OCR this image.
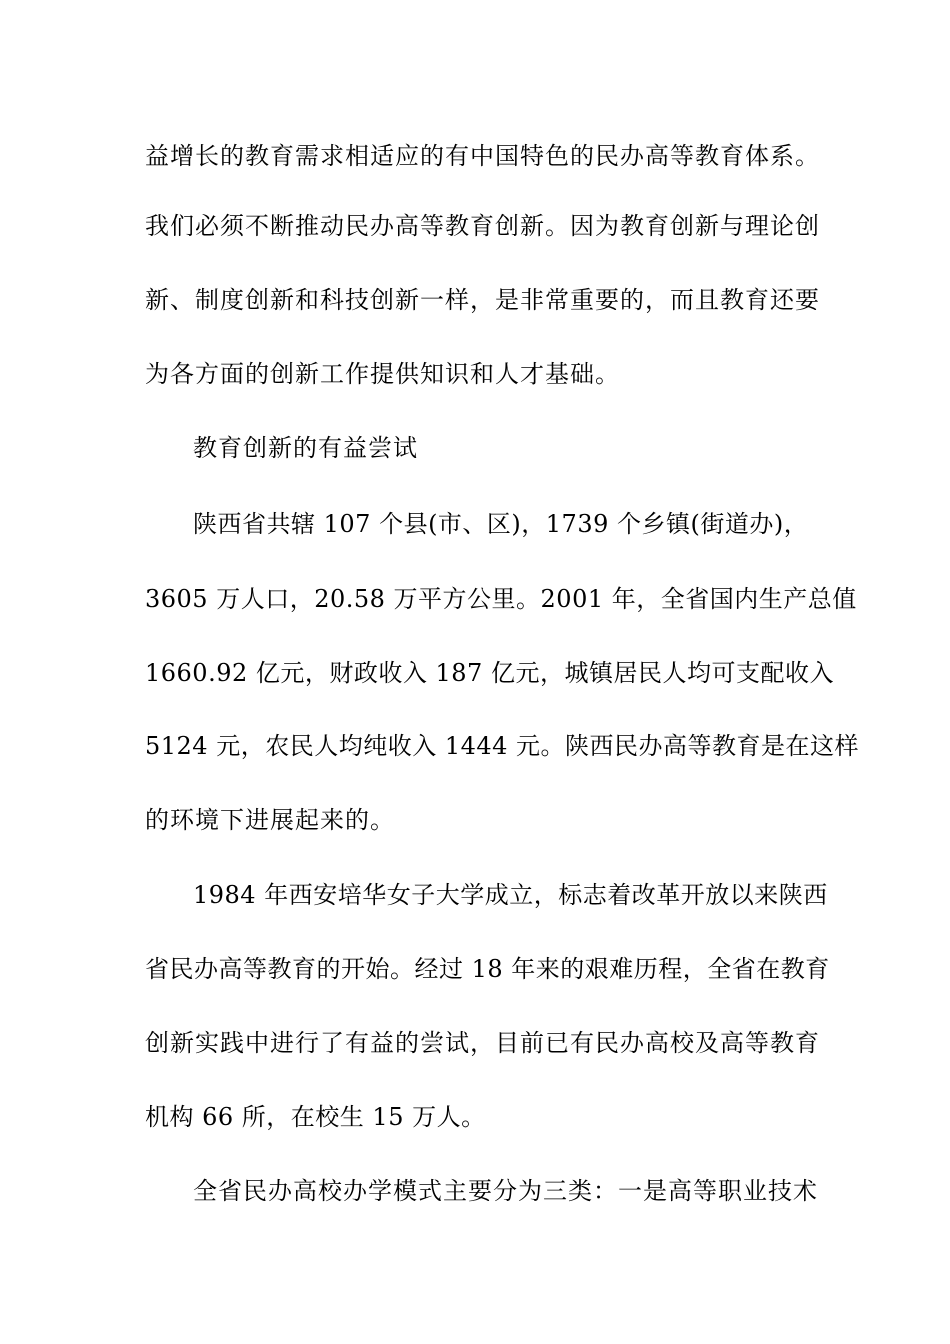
益增长的教育需求相适应的有中国特色的民办高等教育体系。
我们必须不断推动民办高等教育创新。因为教育创新与理论创
新、制度创新和科技创新一样，是非常重要的，而且教育还要
为各方面的创新工作提供知识和人才基础。
教育创新的有益尝试
陕西省共辖 107 个县(市、区)，1739 个乡镇(街道办)，
3605 万人口，20.58 万平方公里。2001 年，全省国内生产总值
1660.92 亿元，财政收入 187 亿元，城镇居民人均可支配收入
5124 元，农民人均纯收入 1444 元。陕西民办高等教育是在这样
的环境下进展起来的。
1984 年西安培华女子大学成立，标志着改革开放以来陕西
省民办高等教育的开始。经过 18 年来的艰难历程，全省在教育
创新实践中进行了有益的尝试，目前已有民办高校及高等教育
机构 66 所，在校生 15 万人。
全省民办高校办学模式主要分为三类：一是高等职业技术
